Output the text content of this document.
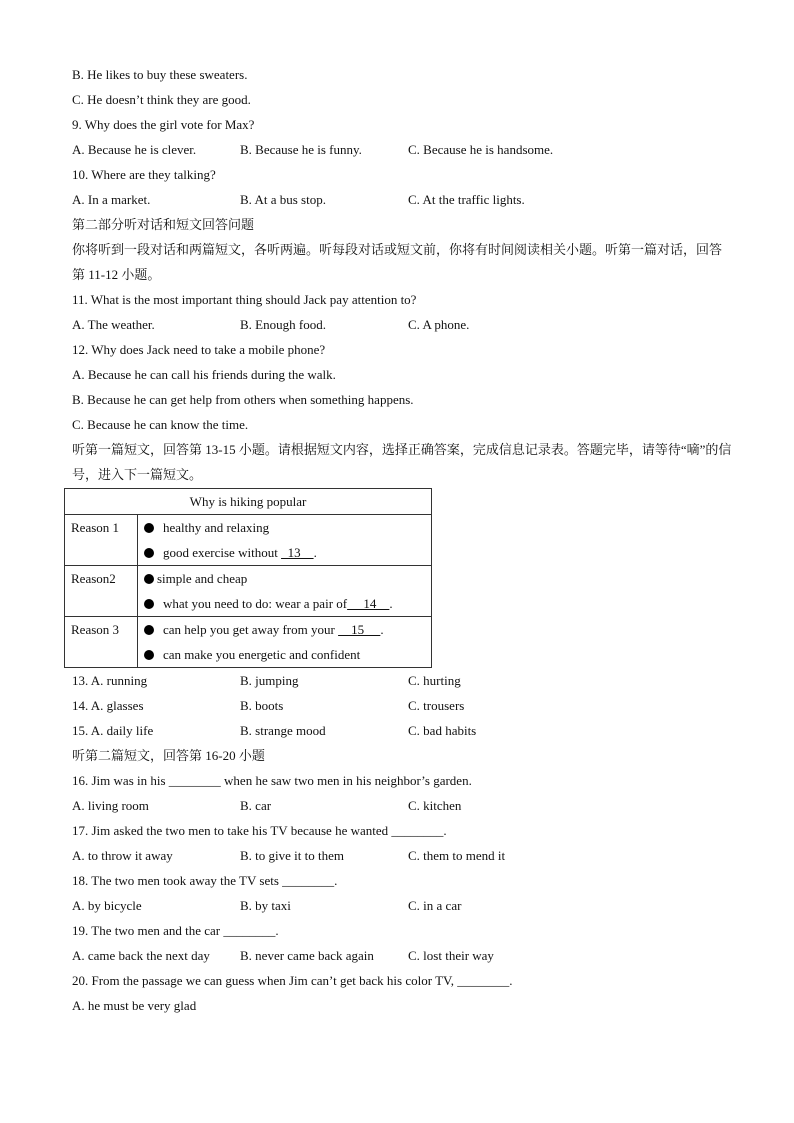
B. He likes to buy these sweaters.
C. He doesn’t think they are good.
9. Why does the girl vote for Max?
A. Because he is clever.	B. Because he is funny.	C. Because he is handsome.
10. Where are they talking?
A. In a market.	B. At a bus stop.	C. At the traffic lights.
第二部分听对话和短文回答问题
你将听到一段对话和两篇短文，各听两遍。听每段对话或短文前，你将有时间阅读相关小题。听第一篇对话，回答第 11-12 小题。
11. What is the most important thing should Jack pay attention to?
A. The weather.	B. Enough food.	C. A phone.
12. Why does Jack need to take a mobile phone?
A. Because he can call his friends during the walk.
B. Because he can get help from others when something happens.
C. Because he can know the time.
听第一篇短文，回答第 13-15 小题。请根据短文内容，选择正确答案，完成信息记录表。答题完毕，请等待“嘀”的信号，进入下一篇短文。
Why is hiking popular	
Reason 1	healthy and relaxing
good exercise without   13    .

Reason2	simple and cheap
what you need to do: wear a pair of     14    .

Reason 3	can help you get away from your     15     .
can make you energetic and confident
13. A. running	B. jumping	C. hurting
14. A. glasses	B. boots	C. trousers
15. A. daily life	B. strange mood	C. bad habits
听第二篇短文，回答第 16-20 小题
16. Jim was in his ________ when he saw two men in his neighbor’s garden.
A. living room	B. car	C. kitchen
17. Jim asked the two men to take his TV because he wanted ________.
A. to throw it away	B. to give it to them	C. them to mend it
18. The two men took away the TV sets ________.
A. by bicycle	B. by taxi	C. in a car
19. The two men and the car ________.
A. came back the next day	B. never came back again	C. lost their way
20. From the passage we can guess when Jim can’t get back his color TV, ________.
A. he must be very glad
